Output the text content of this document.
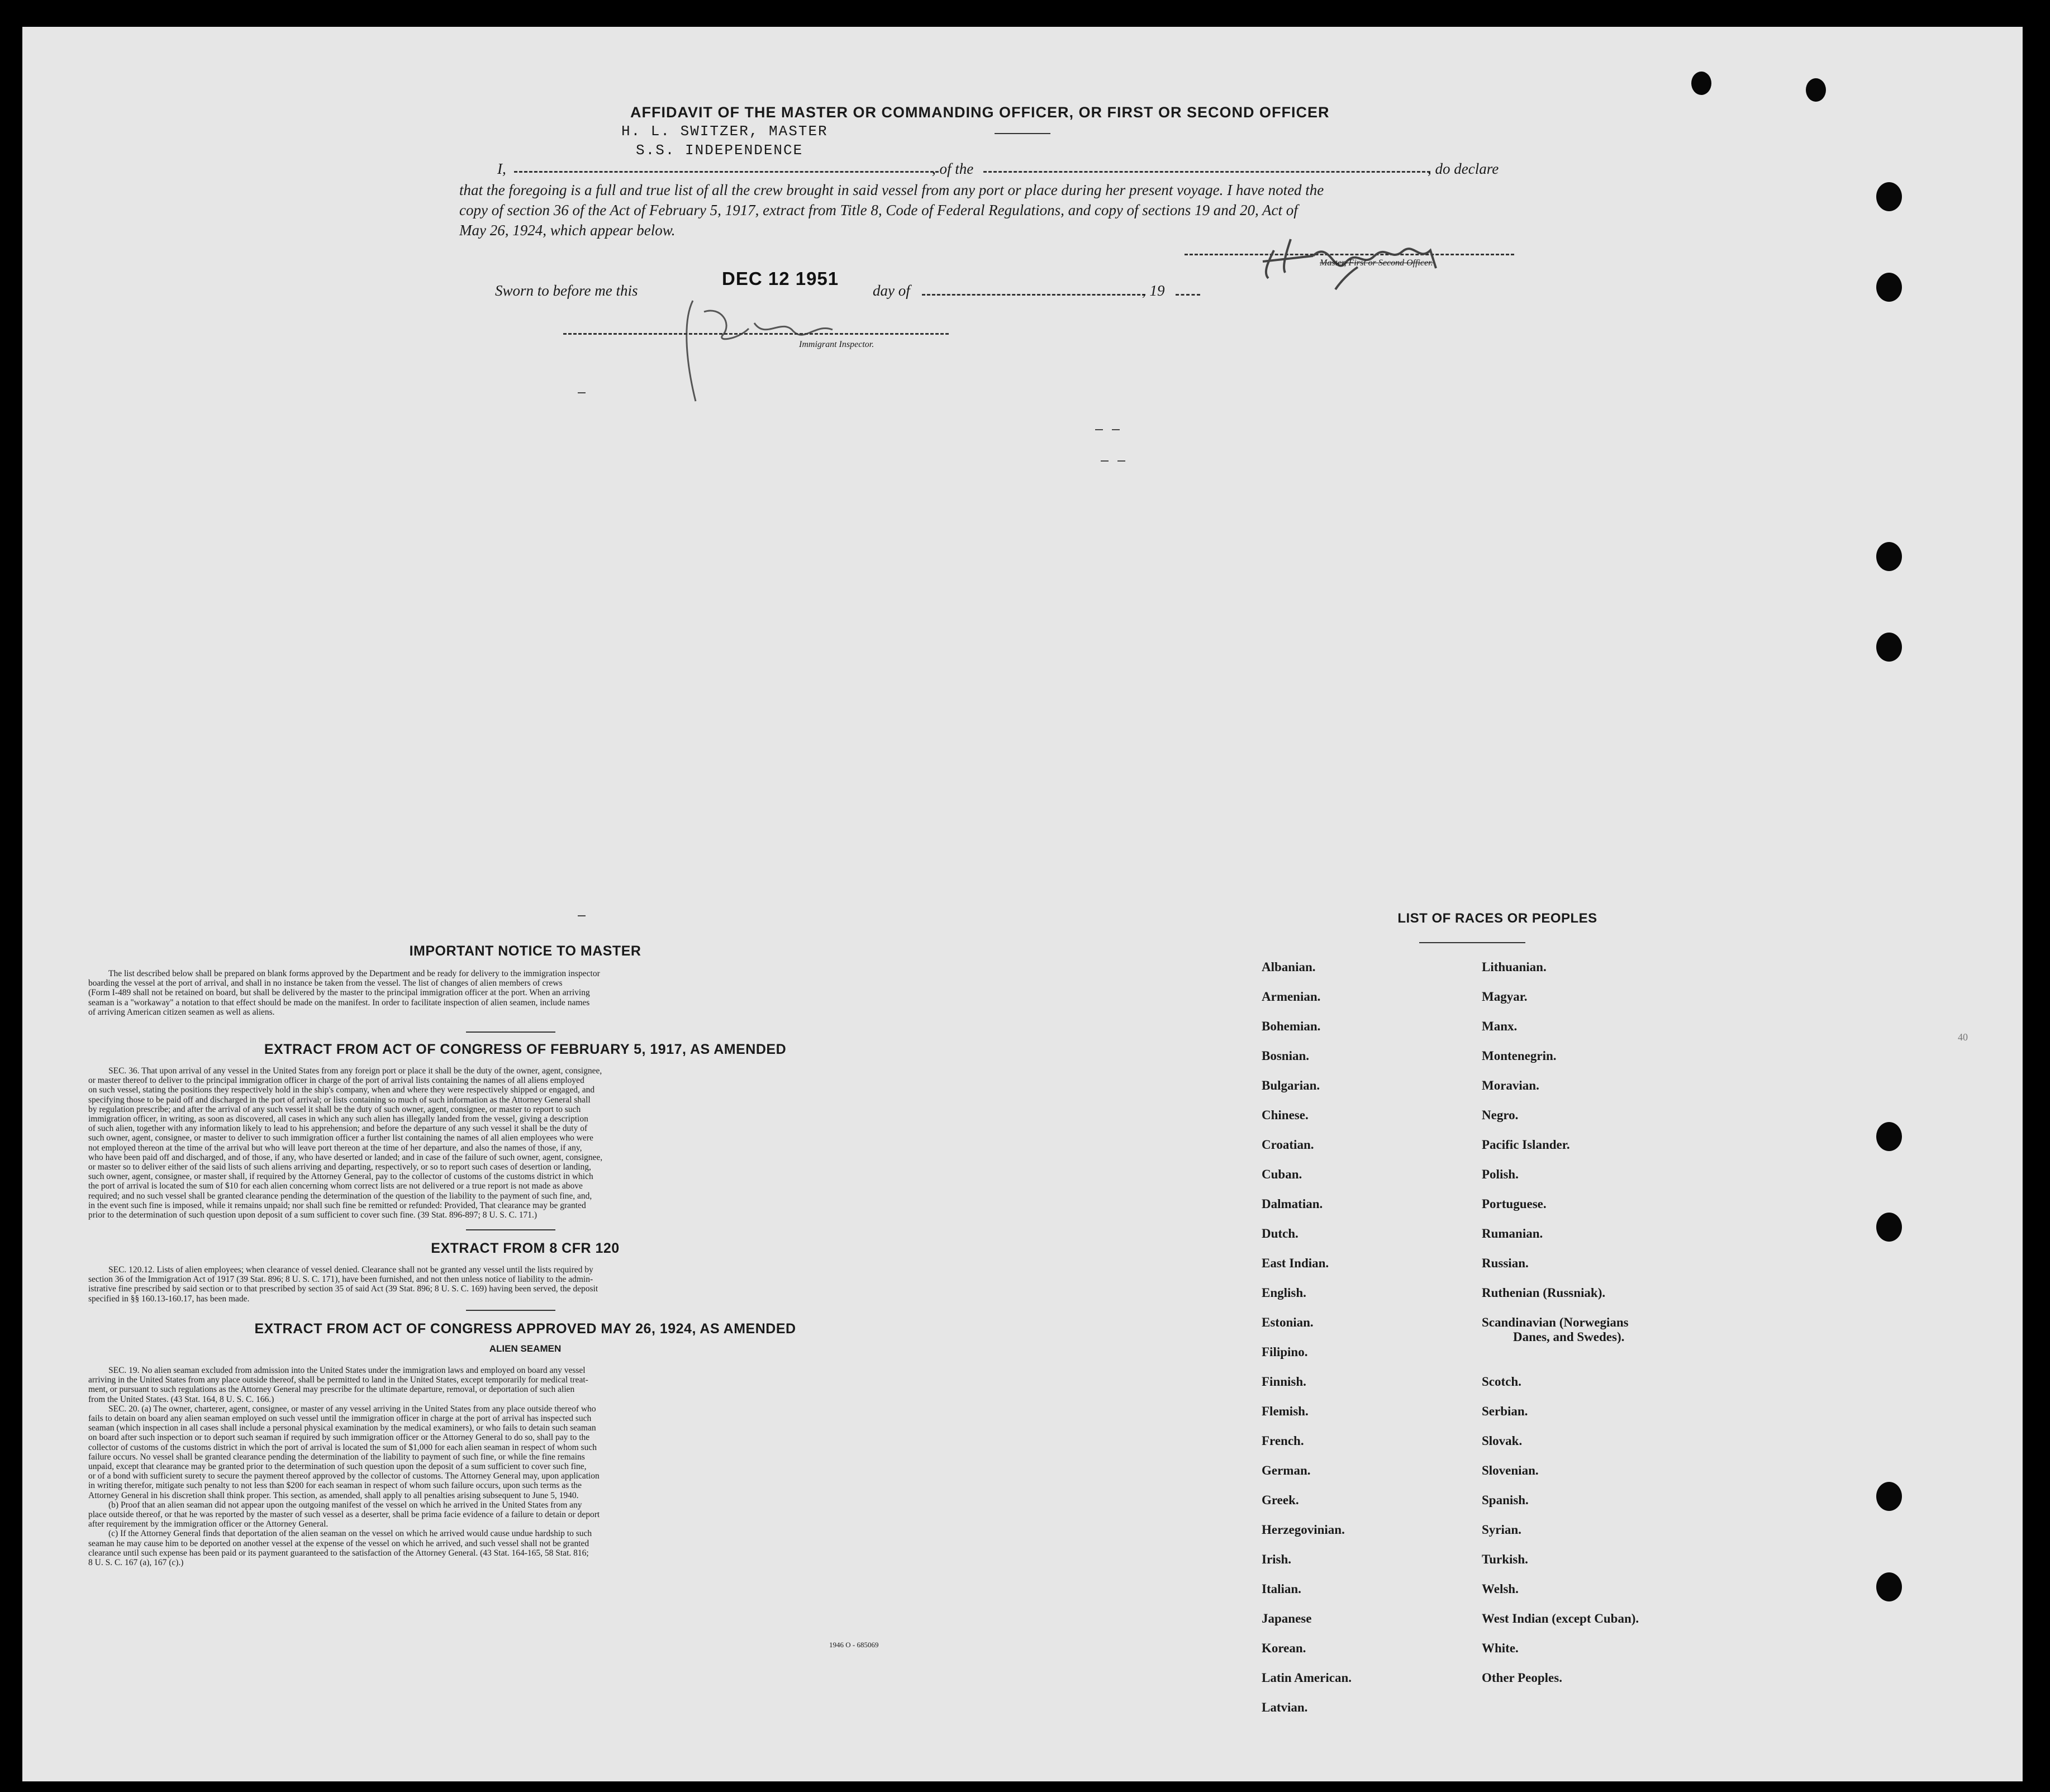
AFFIDAVIT OF THE MASTER OR COMMANDING OFFICER, OR FIRST OR SECOND OFFICER
H. L. SWITZER, MASTER
S.S. INDEPENDENCE
I,	, of the	, do declare
that the foregoing is a full and true list of all the crew brought in said vessel from any port or place during her present voyage. I have noted the
copy of section 36 of the Act of February 5, 1917, extract from Title 8, Code of Federal Regulations, and copy of sections 19 and 20, Act of
May 26, 1924, which appear below.
Master, First or Second Officer.
Sworn to before me this
DEC 12 1951
day of	, 19
Immigrant Inspector.
IMPORTANT NOTICE TO MASTER
The list described below shall be prepared on blank forms approved by the Department and be ready for delivery to the immigration inspector
boarding the vessel at the port of arrival, and shall in no instance be taken from the vessel. The list of changes of alien members of crews
(Form I-489 shall not be retained on board, but shall be delivered by the master to the principal immigration officer at the port. When an arriving
seaman is a "workaway" a notation to that effect should be made on the manifest. In order to facilitate inspection of alien seamen, include names
of arriving American citizen seamen as well as aliens.
EXTRACT FROM ACT OF CONGRESS OF FEBRUARY 5, 1917, AS AMENDED
SEC. 36. That upon arrival of any vessel in the United States from any foreign port or place it shall be the duty of the owner, agent, consignee,
or master thereof to deliver to the principal immigration officer in charge of the port of arrival lists containing the names of all aliens employed
on such vessel, stating the positions they respectively hold in the ship's company, when and where they were respectively shipped or engaged, and
specifying those to be paid off and discharged in the port of arrival; or lists containing so much of such information as the Attorney General shall
by regulation prescribe; and after the arrival of any such vessel it shall be the duty of such owner, agent, consignee, or master to report to such
immigration officer, in writing, as soon as discovered, all cases in which any such alien has illegally landed from the vessel, giving a description
of such alien, together with any information likely to lead to his apprehension; and before the departure of any such vessel it shall be the duty of
such owner, agent, consignee, or master to deliver to such immigration officer a further list containing the names of all alien employees who were
not employed thereon at the time of the arrival but who will leave port thereon at the time of her departure, and also the names of those, if any,
who have been paid off and discharged, and of those, if any, who have deserted or landed; and in case of the failure of such owner, agent, consignee,
or master so to deliver either of the said lists of such aliens arriving and departing, respectively, or so to report such cases of desertion or landing,
such owner, agent, consignee, or master shall, if required by the Attorney General, pay to the collector of customs of the customs district in which
the port of arrival is located the sum of $10 for each alien concerning whom correct lists are not delivered or a true report is not made as above
required; and no such vessel shall be granted clearance pending the determination of the question of the liability to the payment of such fine, and,
in the event such fine is imposed, while it remains unpaid; nor shall such fine be remitted or refunded: Provided, That clearance may be granted
prior to the determination of such question upon deposit of a sum sufficient to cover such fine. (39 Stat. 896-897; 8 U. S. C. 171.)
EXTRACT FROM 8 CFR 120
SEC. 120.12. Lists of alien employees; when clearance of vessel denied. Clearance shall not be granted any vessel until the lists required by
section 36 of the Immigration Act of 1917 (39 Stat. 896; 8 U. S. C. 171), have been furnished, and not then unless notice of liability to the admin-
istrative fine prescribed by said section or to that prescribed by section 35 of said Act (39 Stat. 896; 8 U. S. C. 169) having been served, the deposit
specified in §§ 160.13-160.17, has been made.
EXTRACT FROM ACT OF CONGRESS APPROVED MAY 26, 1924, AS AMENDED
ALIEN SEAMEN
SEC. 19. No alien seaman excluded from admission into the United States under the immigration laws and employed on board any vessel
arriving in the United States from any place outside thereof, shall be permitted to land in the United States, except temporarily for medical treat-
ment, or pursuant to such regulations as the Attorney General may prescribe for the ultimate departure, removal, or deportation of such alien
from the United States. (43 Stat. 164, 8 U. S. C. 166.)
SEC. 20. (a) The owner, charterer, agent, consignee, or master of any vessel arriving in the United States from any place outside thereof who
fails to detain on board any alien seaman employed on such vessel until the immigration officer in charge at the port of arrival has inspected such
seaman (which inspection in all cases shall include a personal physical examination by the medical examiners), or who fails to detain such seaman
on board after such inspection or to deport such seaman if required by such immigration officer or the Attorney General to do so, shall pay to the
collector of customs of the customs district in which the port of arrival is located the sum of $1,000 for each alien seaman in respect of whom such
failure occurs. No vessel shall be granted clearance pending the determination of the liability to payment of such fine, or while the fine remains
unpaid, except that clearance may be granted prior to the determination of such question upon the deposit of a sum sufficient to cover such fine,
or of a bond with sufficient surety to secure the payment thereof approved by the collector of customs. The Attorney General may, upon application
in writing therefor, mitigate such penalty to not less than $200 for each seaman in respect of whom such failure occurs, upon such terms as the
Attorney General in his discretion shall think proper. This section, as amended, shall apply to all penalties arising subsequent to June 5, 1940.
(b) Proof that an alien seaman did not appear upon the outgoing manifest of the vessel on which he arrived in the United States from any
place outside thereof, or that he was reported by the master of such vessel as a deserter, shall be prima facie evidence of a failure to detain or deport
after requirement by the immigration officer or the Attorney General.
(c) If the Attorney General finds that deportation of the alien seaman on the vessel on which he arrived would cause undue hardship to such
seaman he may cause him to be deported on another vessel at the expense of the vessel on which he arrived, and such vessel shall not be granted
clearance until such expense has been paid or its payment guaranteed to the satisfaction of the Attorney General. (43 Stat. 164-165, 58 Stat. 816;
8 U. S. C. 167 (a), 167 (c).)
1946 O - 685069
LIST OF RACES OR PEOPLES
Albanian.
Armenian.
Bohemian.
Bosnian.
Bulgarian.
Chinese.
Croatian.
Cuban.
Dalmatian.
Dutch.
East Indian.
English.
Estonian.
Filipino.
Finnish.
Flemish.
French.
German.
Greek.
Herzegovinian.
Irish.
Italian.
Japanese
Korean.
Latin American.
Latvian.
Lithuanian.
Magyar.
Manx.
Montenegrin.
Moravian.
Negro.
Pacific Islander.
Polish.
Portuguese.
Rumanian.
Russian.
Ruthenian (Russniak).
Scandinavian (Norwegians
Danes, and Swedes).
Scotch.
Serbian.
Slovak.
Slovenian.
Spanish.
Syrian.
Turkish.
Welsh.
West Indian (except Cuban).
White.
Other Peoples.
40
